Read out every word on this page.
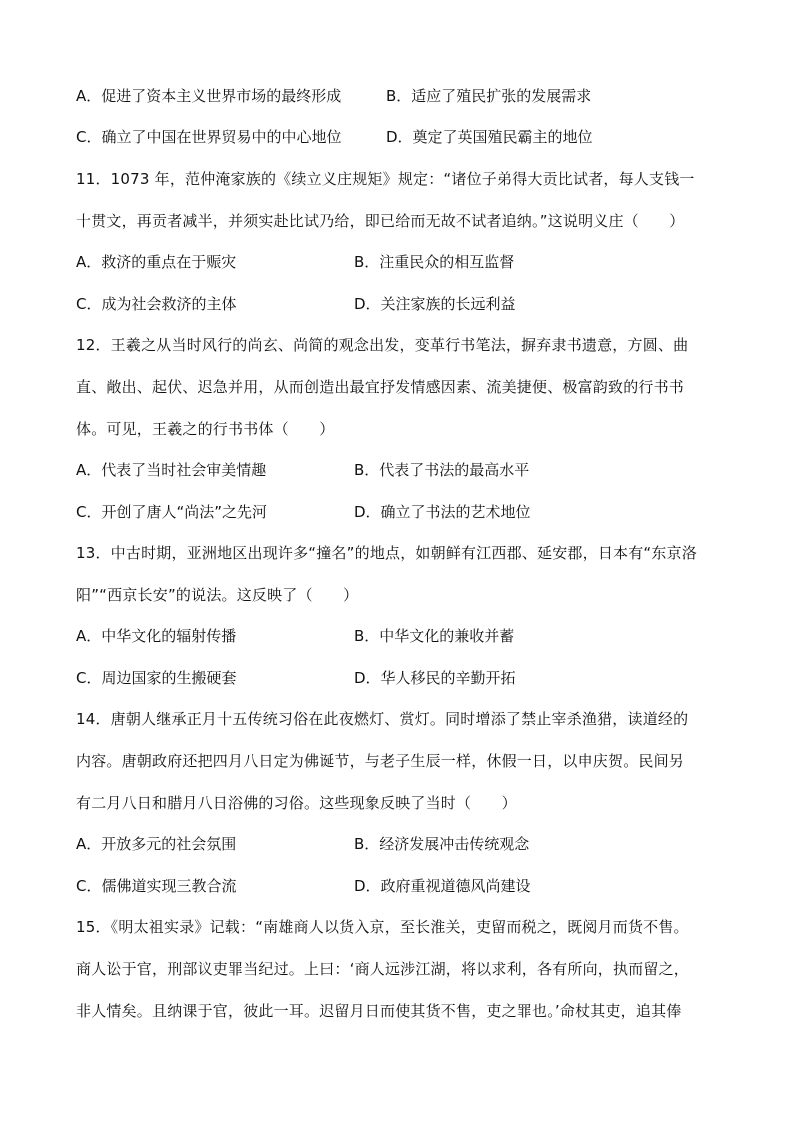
A．促进了资本主义世界市场的最终形成	B．适应了殖民扩张的发展需求
C．确立了中国在世界贸易中的中心地位	D．奠定了英国殖民霸主的地位
11．1073 年，范仲淹家族的《续立义庄规矩》规定：“诸位子弟得大贡比试者，每人支钱一
十贯文，再贡者减半，并须实赴比试乃给，即已给而无故不试者追纳。”这说明义庄（　　）
A．救济的重点在于赈灾	B．注重民众的相互监督
C．成为社会救济的主体	D．关注家族的长远利益
12．王羲之从当时风行的尚玄、尚简的观念出发，变革行书笔法，摒弃隶书遗意，方圆、曲
直、敞出、起伏、迟急并用，从而创造出最宜抒发情感因素、流美捷便、极富韵致的行书书
体。可见，王羲之的行书书体（　　）
A．代表了当时社会审美情趣	B．代表了书法的最高水平
C．开创了唐人“尚法”之先河	D．确立了书法的艺术地位
13．中古时期，亚洲地区出现许多“撞名”的地点，如朝鲜有江西郡、延安郡，日本有“东京洛
阳”“西京长安”的说法。这反映了（　　）
A．中华文化的辐射传播	B．中华文化的兼收并蓄
C．周边国家的生搬硬套	D．华人移民的辛勤开拓
14．唐朝人继承正月十五传统习俗在此夜燃灯、赏灯。同时增添了禁止宰杀渔猎，读道经的
内容。唐朝政府还把四月八日定为佛诞节，与老子生辰一样，休假一日，以申庆贺。民间另
有二月八日和腊月八日浴佛的习俗。这些现象反映了当时（　　）
A．开放多元的社会氛围	B．经济发展冲击传统观念
C．儒佛道实现三教合流	D．政府重视道德风尚建设
15．《明太祖实录》记载：“南雄商人以货入京，至长淮关，吏留而税之，既阅月而货不售。
商人讼于官，刑部议吏罪当纪过。上曰：‘商人远涉江湖，将以求利，各有所向，执而留之，
非人情矣。且纳课于官，彼此一耳。迟留月日而使其货不售，吏之罪也。’命杖其吏，追其俸
